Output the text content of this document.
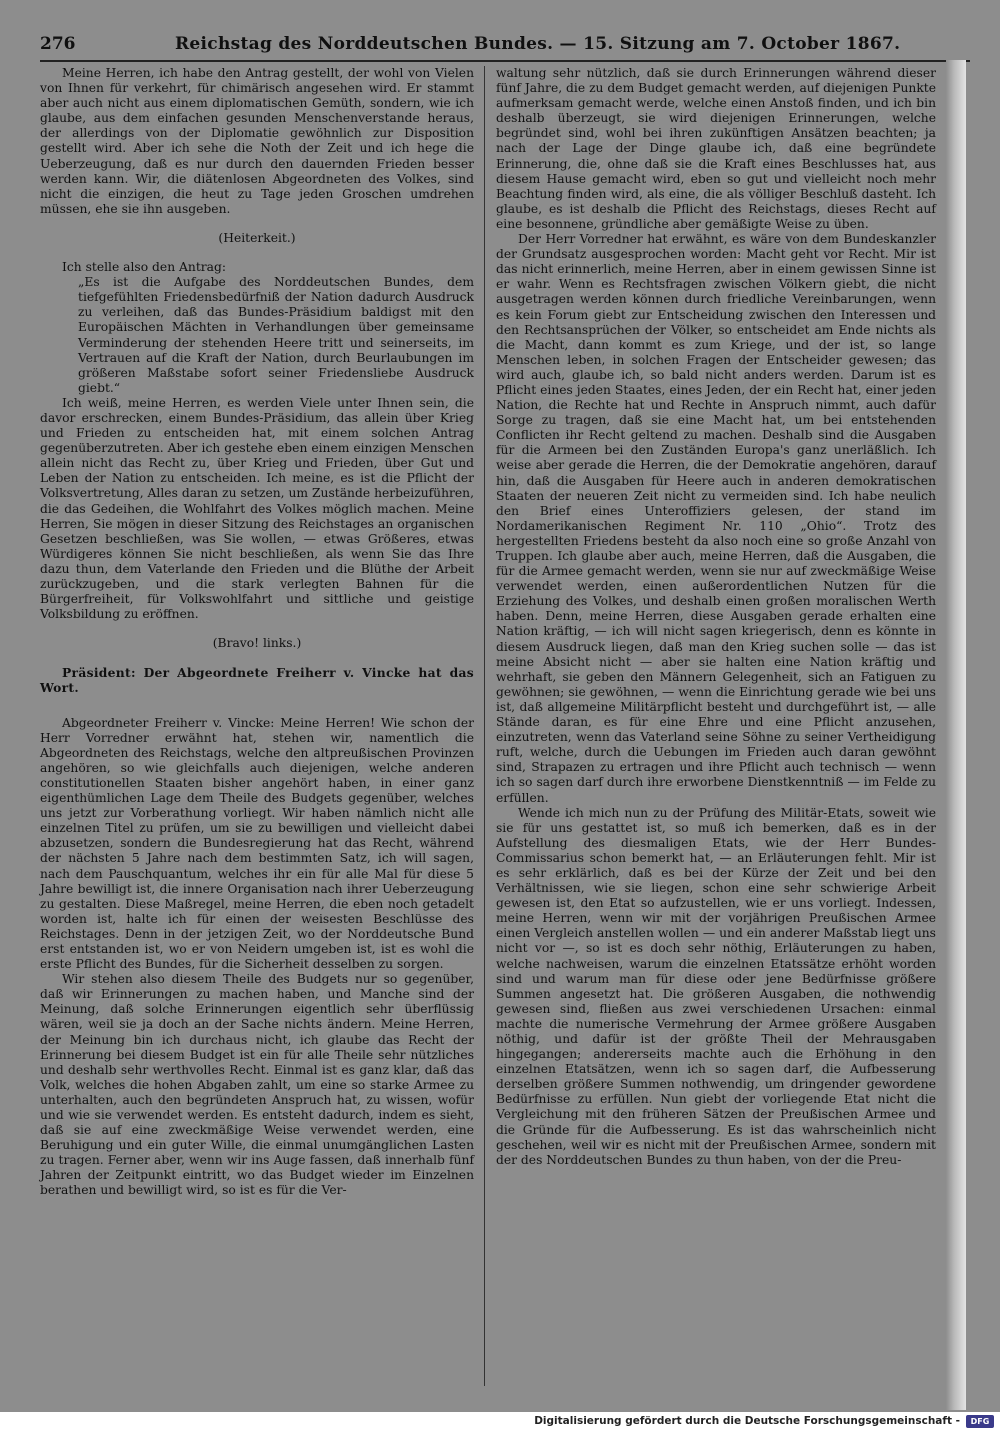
276	Reichstag des Norddeutschen Bundes. — 15. Sitzung am 7. October 1867.

Meine Herren, ich habe den Antrag gestellt, der wohl von Vielen von Ihnen für verkehrt, für chimärisch angesehen wird. Er stammt aber auch nicht aus einem diplomatischen Gemüth, sondern, wie ich glaube, aus dem einfachen gesunden Menschenverstande heraus, der allerdings von der Diplomatie gewöhnlich zur Disposition gestellt wird. Aber ich sehe die Noth der Zeit und ich hege die Ueberzeugung, daß es nur durch den dauernden Frieden besser werden kann. Wir, die diätenlosen Abgeordneten des Volkes, sind nicht die einzigen, die heut zu Tage jeden Groschen umdrehen müssen, ehe sie ihn ausgeben.

(Heiterkeit.)

Ich stelle also den Antrag:

„Es ist die Aufgabe des Norddeutschen Bundes, dem tiefgefühlten Friedensbedürfniß der Nation dadurch Ausdruck zu verleihen, daß das Bundes-Präsidium baldigst mit den Europäischen Mächten in Verhandlungen über gemeinsame Verminderung der stehenden Heere tritt und seinerseits, im Vertrauen auf die Kraft der Nation, durch Beurlaubungen im größeren Maßstabe sofort seiner Friedensliebe Ausdruck giebt.“

Ich weiß, meine Herren, es werden Viele unter Ihnen sein, die davor erschrecken, einem Bundes-Präsidium, das allein über Krieg und Frieden zu entscheiden hat, mit einem solchen Antrag gegenüberzutreten. Aber ich gestehe eben einem einzigen Menschen allein nicht das Recht zu, über Krieg und Frieden, über Gut und Leben der Nation zu entscheiden. Ich meine, es ist die Pflicht der Volksvertretung, Alles daran zu setzen, um Zustände herbeizuführen, die das Gedeihen, die Wohlfahrt des Volkes möglich machen. Meine Herren, Sie mögen in dieser Sitzung des Reichstages an organischen Gesetzen beschließen, was Sie wollen, — etwas Größeres, etwas Würdigeres können Sie nicht beschließen, als wenn Sie das Ihre dazu thun, dem Vaterlande den Frieden und die Blüthe der Arbeit zurückzugeben, und die stark verlegten Bahnen für die Bürgerfreiheit, für Volkswohlfahrt und sittliche und geistige Volksbildung zu eröffnen.

(Bravo! links.)

Präsident: Der Abgeordnete Freiherr v. Vincke hat das Wort.

Abgeordneter Freiherr v. Vincke: Meine Herren! Wie schon der Herr Vorredner erwähnt hat, stehen wir, namentlich die Abgeordneten des Reichstags, welche den altpreußischen Provinzen angehören, so wie gleichfalls auch diejenigen, welche anderen constitutionellen Staaten bisher angehört haben, in einer ganz eigenthümlichen Lage dem Theile des Budgets gegenüber, welches uns jetzt zur Vorberathung vorliegt. Wir haben nämlich nicht alle einzelnen Titel zu prüfen, um sie zu bewilligen und vielleicht dabei abzusetzen, sondern die Bundesregierung hat das Recht, während der nächsten 5 Jahre nach dem bestimmten Satz, ich will sagen, nach dem Pauschquantum, welches ihr ein für alle Mal für diese 5 Jahre bewilligt ist, die innere Organisation nach ihrer Ueberzeugung zu gestalten. Diese Maßregel, meine Herren, die eben noch getadelt worden ist, halte ich für einen der weisesten Beschlüsse des Reichstages. Denn in der jetzigen Zeit, wo der Norddeutsche Bund erst entstanden ist, wo er von Neidern umgeben ist, ist es wohl die erste Pflicht des Bundes, für die Sicherheit desselben zu sorgen.

Wir stehen also diesem Theile des Budgets nur so gegenüber, daß wir Erinnerungen zu machen haben, und Manche sind der Meinung, daß solche Erinnerungen eigentlich sehr überflüssig wären, weil sie ja doch an der Sache nichts ändern. Meine Herren, der Meinung bin ich durchaus nicht, ich glaube das Recht der Erinnerung bei diesem Budget ist ein für alle Theile sehr nützliches und deshalb sehr werthvolles Recht. Einmal ist es ganz klar, daß das Volk, welches die hohen Abgaben zahlt, um eine so starke Armee zu unterhalten, auch den begründeten Anspruch hat, zu wissen, wofür und wie sie verwendet werden. Es entsteht dadurch, indem es sieht, daß sie auf eine zweckmäßige Weise verwendet werden, eine Beruhigung und ein guter Wille, die einmal unumgänglichen Lasten zu tragen. Ferner aber, wenn wir ins Auge fassen, daß innerhalb fünf Jahren der Zeitpunkt eintritt, wo das Budget wieder im Einzelnen berathen und bewilligt wird, so ist es für die Ver-

waltung sehr nützlich, daß sie durch Erinnerungen während dieser fünf Jahre, die zu dem Budget gemacht werden, auf diejenigen Punkte aufmerksam gemacht werde, welche einen Anstoß finden, und ich bin deshalb überzeugt, sie wird diejenigen Erinnerungen, welche begründet sind, wohl bei ihren zukünftigen Ansätzen beachten; ja nach der Lage der Dinge glaube ich, daß eine begründete Erinnerung, die, ohne daß sie die Kraft eines Beschlusses hat, aus diesem Hause gemacht wird, eben so gut und vielleicht noch mehr Beachtung finden wird, als eine, die als völliger Beschluß dasteht. Ich glaube, es ist deshalb die Pflicht des Reichstags, dieses Recht auf eine besonnene, gründliche aber gemäßigte Weise zu üben.

Der Herr Vorredner hat erwähnt, es wäre von dem Bundeskanzler der Grundsatz ausgesprochen worden: Macht geht vor Recht. Mir ist das nicht erinnerlich, meine Herren, aber in einem gewissen Sinne ist er wahr. Wenn es Rechtsfragen zwischen Völkern giebt, die nicht ausgetragen werden können durch friedliche Vereinbarungen, wenn es kein Forum giebt zur Entscheidung zwischen den Interessen und den Rechtsansprüchen der Völker, so entscheidet am Ende nichts als die Macht, dann kommt es zum Kriege, und der ist, so lange Menschen leben, in solchen Fragen der Entscheider gewesen; das wird auch, glaube ich, so bald nicht anders werden. Darum ist es Pflicht eines jeden Staates, eines Jeden, der ein Recht hat, einer jeden Nation, die Rechte hat und Rechte in Anspruch nimmt, auch dafür Sorge zu tragen, daß sie eine Macht hat, um bei entstehenden Conflicten ihr Recht geltend zu machen. Deshalb sind die Ausgaben für die Armeen bei den Zuständen Europa's ganz unerläßlich. Ich weise aber gerade die Herren, die der Demokratie angehören, darauf hin, daß die Ausgaben für Heere auch in anderen demokratischen Staaten der neueren Zeit nicht zu vermeiden sind. Ich habe neulich den Brief eines Unteroffiziers gelesen, der stand im Nordamerikanischen Regiment Nr. 110 „Ohio“. Trotz des hergestellten Friedens besteht da also noch eine so große Anzahl von Truppen. Ich glaube aber auch, meine Herren, daß die Ausgaben, die für die Armee gemacht werden, wenn sie nur auf zweckmäßige Weise verwendet werden, einen außerordentlichen Nutzen für die Erziehung des Volkes, und deshalb einen großen moralischen Werth haben. Denn, meine Herren, diese Ausgaben gerade erhalten eine Nation kräftig, — ich will nicht sagen kriegerisch, denn es könnte in diesem Ausdruck liegen, daß man den Krieg suchen solle — das ist meine Absicht nicht — aber sie halten eine Nation kräftig und wehrhaft, sie geben den Männern Gelegenheit, sich an Fatiguen zu gewöhnen; sie gewöhnen, — wenn die Einrichtung gerade wie bei uns ist, daß allgemeine Militärpflicht besteht und durchgeführt ist, — alle Stände daran, es für eine Ehre und eine Pflicht anzusehen, einzutreten, wenn das Vaterland seine Söhne zu seiner Vertheidigung ruft, welche, durch die Uebungen im Frieden auch daran gewöhnt sind, Strapazen zu ertragen und ihre Pflicht auch technisch — wenn ich so sagen darf durch ihre erworbene Dienstkenntniß — im Felde zu erfüllen.

Wende ich mich nun zu der Prüfung des Militär-Etats, soweit wie sie für uns gestattet ist, so muß ich bemerken, daß es in der Aufstellung des diesmaligen Etats, wie der Herr Bundes-Commissarius schon bemerkt hat, — an Erläuterungen fehlt. Mir ist es sehr erklärlich, daß es bei der Kürze der Zeit und bei den Verhältnissen, wie sie liegen, schon eine sehr schwierige Arbeit gewesen ist, den Etat so aufzustellen, wie er uns vorliegt. Indessen, meine Herren, wenn wir mit der vorjährigen Preußischen Armee einen Vergleich anstellen wollen — und ein anderer Maßstab liegt uns nicht vor —, so ist es doch sehr nöthig, Erläuterungen zu haben, welche nachweisen, warum die einzelnen Etatssätze erhöht worden sind und warum man für diese oder jene Bedürfnisse größere Summen angesetzt hat. Die größeren Ausgaben, die nothwendig gewesen sind, fließen aus zwei verschiedenen Ursachen: einmal machte die numerische Vermehrung der Armee größere Ausgaben nöthig, und dafür ist der größte Theil der Mehrausgaben hingegangen; andererseits machte auch die Erhöhung in den einzelnen Etatsätzen, wenn ich so sagen darf, die Aufbesserung derselben größere Summen nothwendig, um dringender gewordene Bedürfnisse zu erfüllen. Nun giebt der vorliegende Etat nicht die Vergleichung mit den früheren Sätzen der Preußischen Armee und die Gründe für die Aufbesserung. Es ist das wahrscheinlich nicht geschehen, weil wir es nicht mit der Preußischen Armee, sondern mit der des Norddeutschen Bundes zu thun haben, von der die Preu-

Digitalisierung gefördert durch die Deutsche Forschungsgemeinschaft -	DFG
